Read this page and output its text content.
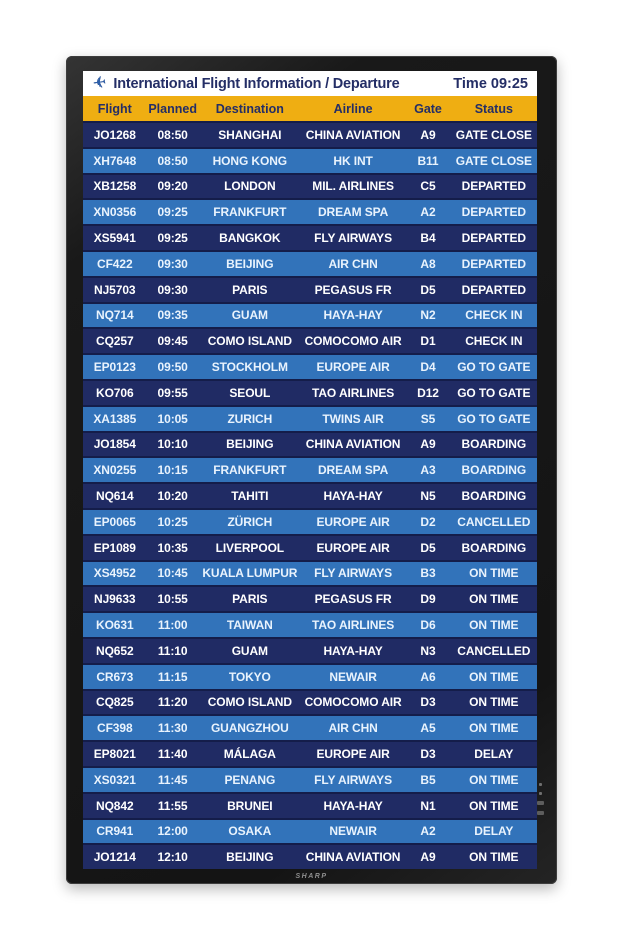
✈ International Flight Information / Departure	Time 09:25
Flight	Planned	Destination	Airline	Gate	Status
JO1268	08:50	SHANGHAI	CHINA AVIATION	A9	GATE CLOSE
XH7648	08:50	HONG KONG	HK INT	B11	GATE CLOSE
XB1258	09:20	LONDON	MIL. AIRLINES	C5	DEPARTED
XN0356	09:25	FRANKFURT	DREAM SPA	A2	DEPARTED
XS5941	09:25	BANGKOK	FLY AIRWAYS	B4	DEPARTED
CF422	09:30	BEIJING	AIR CHN	A8	DEPARTED
NJ5703	09:30	PARIS	PEGASUS FR	D5	DEPARTED
NQ714	09:35	GUAM	HAYA-HAY	N2	CHECK IN
CQ257	09:45	COMO ISLAND	COMOCOMO AIR	D1	CHECK IN
EP0123	09:50	STOCKHOLM	EUROPE AIR	D4	GO TO GATE
KO706	09:55	SEOUL	TAO AIRLINES	D12	GO TO GATE
XA1385	10:05	ZURICH	TWINS AIR	S5	GO TO GATE
JO1854	10:10	BEIJING	CHINA AVIATION	A9	BOARDING
XN0255	10:15	FRANKFURT	DREAM SPA	A3	BOARDING
NQ614	10:20	TAHITI	HAYA-HAY	N5	BOARDING
EP0065	10:25	ZÜRICH	EUROPE AIR	D2	CANCELLED
EP1089	10:35	LIVERPOOL	EUROPE AIR	D5	BOARDING
XS4952	10:45	KUALA LUMPUR	FLY AIRWAYS	B3	ON TIME
NJ9633	10:55	PARIS	PEGASUS FR	D9	ON TIME
KO631	11:00	TAIWAN	TAO AIRLINES	D6	ON TIME
NQ652	11:10	GUAM	HAYA-HAY	N3	CANCELLED
CR673	11:15	TOKYO	NEWAIR	A6	ON TIME
CQ825	11:20	COMO ISLAND	COMOCOMO AIR	D3	ON TIME
CF398	11:30	GUANGZHOU	AIR CHN	A5	ON TIME
EP8021	11:40	MÁLAGA	EUROPE AIR	D3	DELAY
XS0321	11:45	PENANG	FLY AIRWAYS	B5	ON TIME
NQ842	11:55	BRUNEI	HAYA-HAY	N1	ON TIME
CR941	12:00	OSAKA	NEWAIR	A2	DELAY
JO1214	12:10	BEIJING	CHINA AVIATION	A9	ON TIME
SHARP
